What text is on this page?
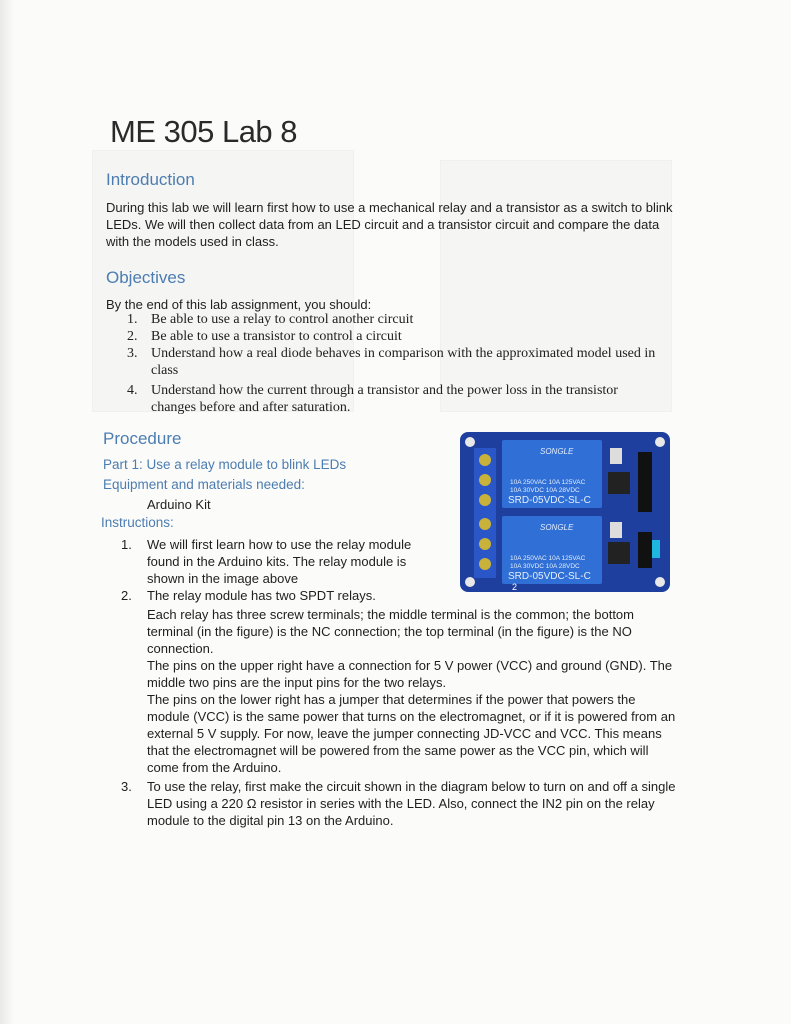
ME 305 Lab 8
Introduction
During this lab we will learn first how to use a mechanical relay and a transistor as a switch to blink LEDs. We will then collect data from an LED circuit and a transistor circuit and compare the data with the models used in class.
Objectives
By the end of this lab assignment, you should:
1. Be able to use a relay to control another circuit
2. Be able to use a transistor to control a circuit
3. Understand how a real diode behaves in comparison with the approximated model used in class
4. Understand how the current through a transistor and the power loss in the transistor changes before and after saturation.
Procedure
Part 1: Use a relay module to blink LEDs
Equipment and materials needed:
Arduino Kit
Instructions:
SONGLE
10A 250VAC 10A 125VAC
10A 30VDC 10A 28VDC
SRD-05VDC-SL-C
SONGLE
10A 250VAC 10A 125VAC
10A 30VDC 10A 28VDC
SRD-05VDC-SL-C
2
1. We will first learn how to use the relay module found in the Arduino kits. The relay module is shown in the image above

2. The relay module has two SPDT relays.

Each relay has three screw terminals; the middle terminal is the common; the bottom terminal (in the figure) is the NC connection; the top terminal (in the figure) is the NO connection.

The pins on the upper right have a connection for 5 V power (VCC) and ground (GND). The middle two pins are the input pins for the two relays.

The pins on the lower right has a jumper that determines if the power that powers the module (VCC) is the same power that turns on the electromagnet, or if it is powered from an external 5 V supply. For now, leave the jumper connecting JD-VCC and VCC. This means that the electromagnet will be powered from the same power as the VCC pin, which will come from the Arduino.

3. To use the relay, first make the circuit shown in the diagram below to turn on and off a single LED using a 220 Ω resistor in series with the LED. Also, connect the IN2 pin on the relay module to the digital pin 13 on the Arduino.
